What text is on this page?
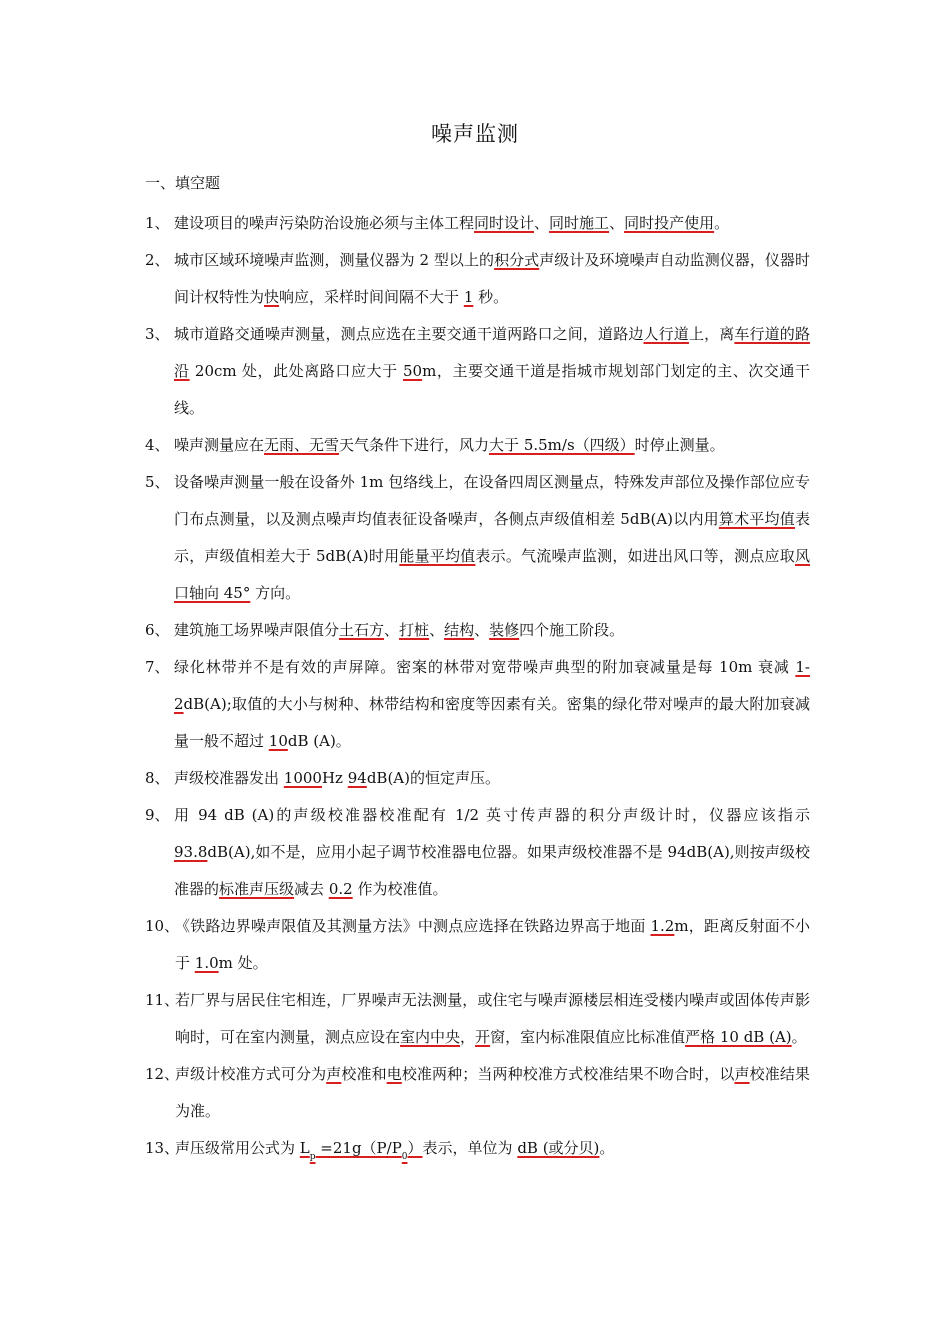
噪声监测
一、填空题
1、 建设项目的噪声污染防治设施必须与主体工程同时设计、同时施工、同时投产使用。
2、 城市区域环境噪声监测，测量仪器为 2 型以上的积分式声级计及环境噪声自动监测仪器，仪器时间计权特性为快响应，采样时间间隔不大于 1 秒。
3、 城市道路交通噪声测量，测点应选在主要交通干道两路口之间，道路边人行道上，离车行道的路沿 20cm 处，此处离路口应大于 50m，主要交通干道是指城市规划部门划定的主、次交通干线。
4、 噪声测量应在无雨、无雪天气条件下进行，风力大于 5.5m/s（四级）时停止测量。
5、 设备噪声测量一般在设备外 1m 包络线上，在设备四周区测量点，特殊发声部位及操作部位应专门布点测量，以及测点噪声均值表征设备噪声，各侧点声级值相差 5dB(A)以内用算术平均值表示，声级值相差大于 5dB(A)时用能量平均值表示。气流噪声监测，如进出风口等，测点应取风口轴向 45° 方向。
6、 建筑施工场界噪声限值分土石方、打桩、结构、装修四个施工阶段。
7、 绿化林带并不是有效的声屏障。密案的林带对宽带噪声典型的附加衰减量是每 10m 衰减 1-2dB(A);取值的大小与树种、林带结构和密度等因素有关。密集的绿化带对噪声的最大附加衰减量一般不超过 10dB (A)。
8、 声级校准器发出 1000Hz 94dB(A)的恒定声压。
9、 用 94 dB (A)的声级校准器校准配有 1/2 英寸传声器的积分声级计时，仪器应该指示 93.8dB(A),如不是，应用小起子调节校准器电位器。如果声级校准器不是 94dB(A),则按声级校准器的标准声压级减去 0.2 作为校准值。
10、
《铁路边界噪声限值及其测量方法》中测点应选择在铁路边界高于地面 1.2m，距离反射面不小于 1.0m 处。
11、
若厂界与居民住宅相连，厂界噪声无法测量，或住宅与噪声源楼层相连受楼内噪声或固体传声影响时，可在室内测量，测点应设在室内中央，开窗，室内标准限值应比标准值严格 10 dB (A)。
12、
声级计校准方式可分为声校准和电校准两种；当两种校准方式校准结果不吻合时，以声校准结果为准。
13、
声压级常用公式为 $L_p =21g(P/P_0)$表示，单位为 dB (或分贝)。
